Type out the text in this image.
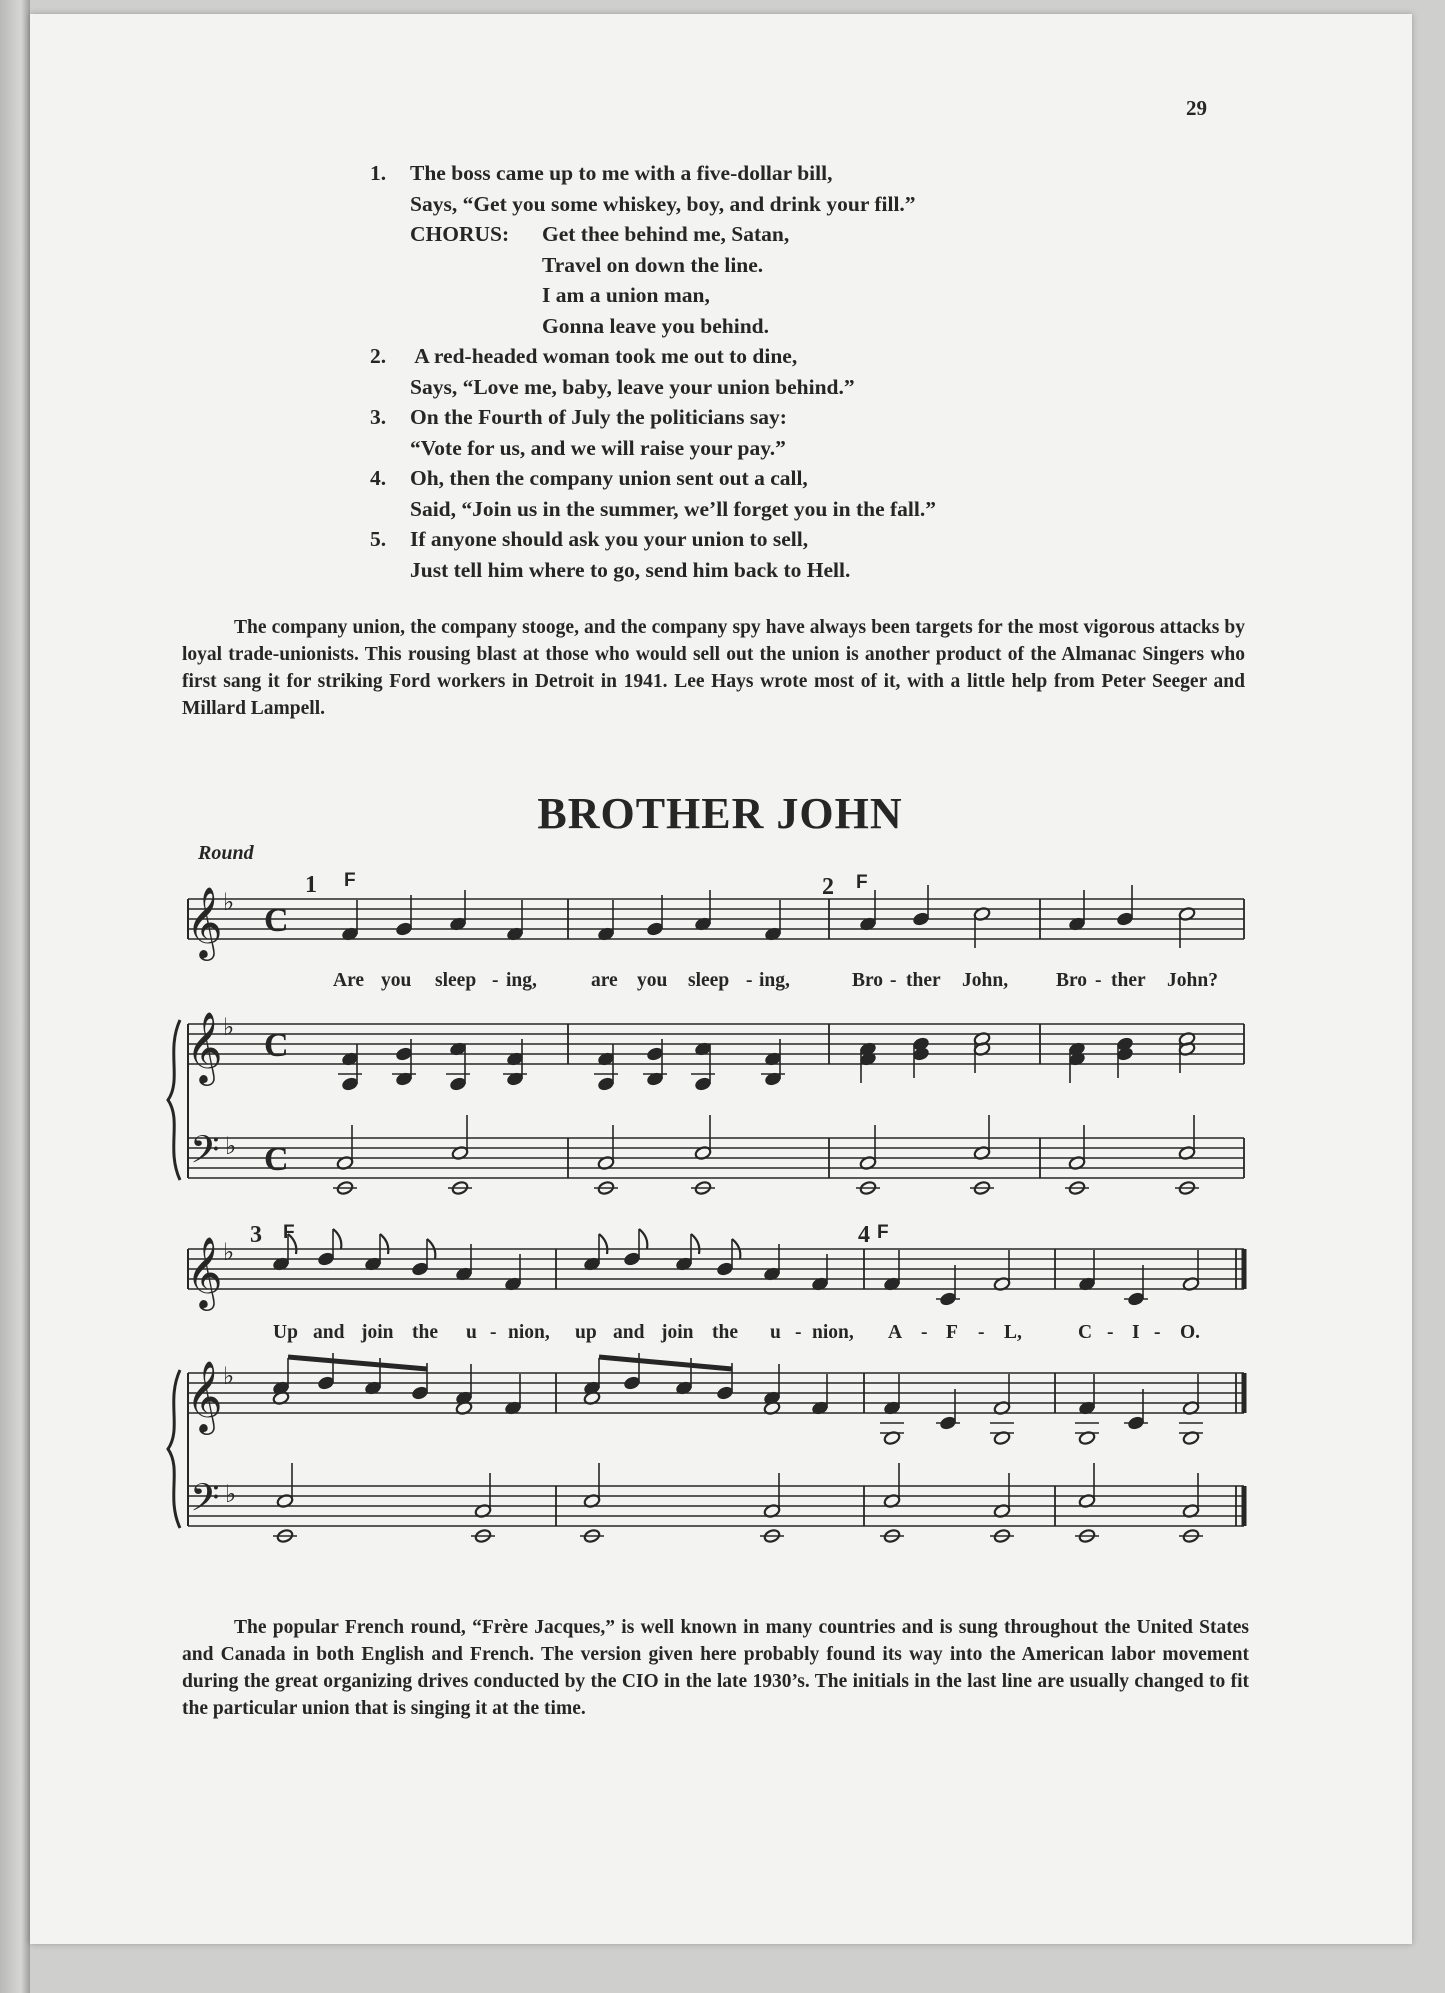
29
1.	The boss came up to me with a five-dollar bill,
Says, “Get you some whiskey, boy, and drink your fill.”
CHORUS:	Get thee behind me, Satan,
Travel on down the line.
I am a union man,
Gonna leave you behind.
2.	A red-headed woman took me out to dine,
Says, “Love me, baby, leave your union behind.”
3.	On the Fourth of July the politicians say:
“Vote for us, and we will raise your pay.”
4.	Oh, then the company union sent out a call,
Said, “Join us in the summer, we’ll forget you in the fall.”
5.	If anyone should ask you your union to sell,
Just tell him where to go, send him back to Hell.

The company union, the company stooge, and the company spy have always been targets for the most vigorous attacks by loyal trade-unionists. This rousing blast at those who would sell out the union is another product of the Almanac Singers who first sang it for striking Ford workers in Detroit in 1941. Lee Hays wrote most of it, with a little help from Peter Seeger and Millard Lampell.

BROTHER JOHN
Round
𝄞 ♭ C
𝄞 ♭ C
𝄢 ♭ C
𝄞 ♭
𝄞 ♭
𝄢 ♭
1 F	2 F
3 F	4 F
Are you sleep - ing,	are you sleep - ing,	Bro - ther John, Bro - ther John?
Up and join the u - nion, up and join the u - nion, A - F - L,	C - I - O.

The popular French round, “Frère Jacques,” is well known in many countries and is sung throughout the United States and Canada in both English and French. The version given here probably found its way into the American labor movement during the great organizing drives conducted by the CIO in the late 1930’s. The initials in the last line are usually changed to fit the particular union that is singing it at the time.
